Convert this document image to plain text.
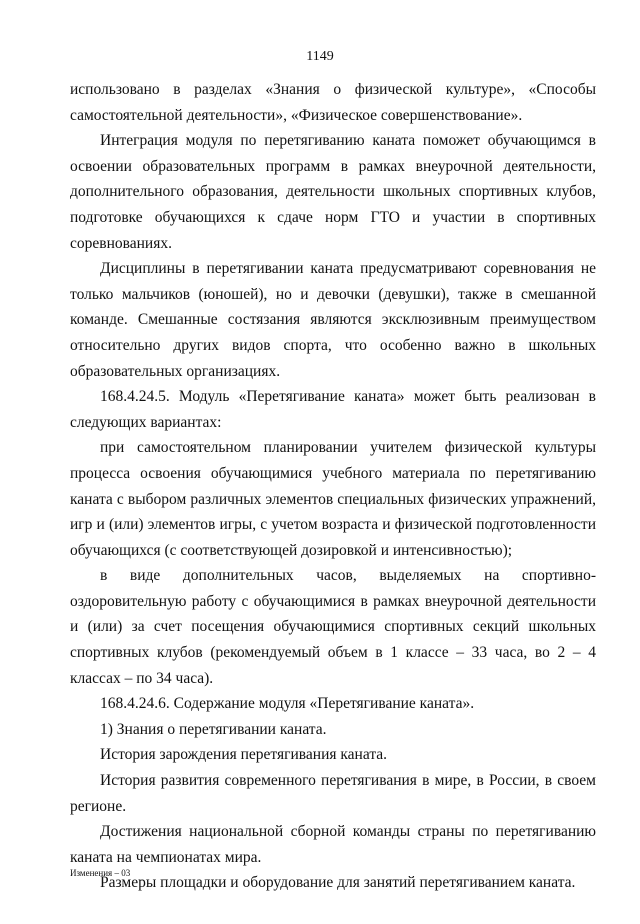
1149

использовано в разделах «Знания о физической культуре», «Способы самостоятельной деятельности», «Физическое совершенствование».

Интеграция модуля по перетягиванию каната поможет обучающимся в освоении образовательных программ в рамках внеурочной деятельности, дополнительного образования, деятельности школьных спортивных клубов, подготовке обучающихся к сдаче норм ГТО и участии в спортивных соревнованиях.

Дисциплины в перетягивании каната предусматривают соревнования не только мальчиков (юношей), но и девочки (девушки), также в смешанной команде. Смешанные состязания являются эксклюзивным преимуществом относительно других видов спорта, что особенно важно в школьных образовательных организациях.

168.4.24.5. Модуль «Перетягивание каната» может быть реализован в следующих вариантах:

при самостоятельном планировании учителем физической культуры процесса освоения обучающимися учебного материала по перетягиванию каната с выбором различных элементов специальных физических упражнений, игр и (или) элементов игры, с учетом возраста и физической подготовленности обучающихся (с соответствующей дозировкой и интенсивностью);

в виде дополнительных часов, выделяемых на спортивно-оздоровительную работу с обучающимися в рамках внеурочной деятельности и (или) за счет посещения обучающимися спортивных секций школьных спортивных клубов (рекомендуемый объем в 1 классе – 33 часа, во 2 – 4 классах – по 34 часа).

168.4.24.6. Содержание модуля «Перетягивание каната».

1) Знания о перетягивании каната.

История зарождения перетягивания каната.

История развития современного перетягивания в мире, в России, в своем регионе.

Достижения национальной сборной команды страны по перетягиванию каната на чемпионатах мира.

Размеры площадки и оборудование для занятий перетягиванием каната.

Изменения – 03
